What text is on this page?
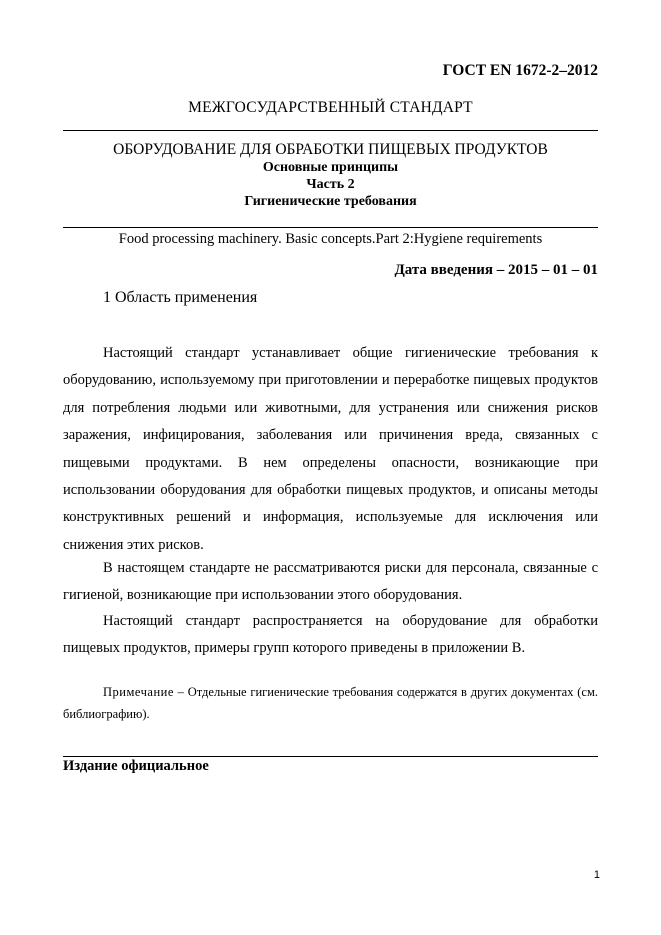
ГОСТ EN 1672-2–2012
МЕЖГОСУДАРСТВЕННЫЙ СТАНДАРТ
ОБОРУДОВАНИЕ ДЛЯ ОБРАБОТКИ ПИЩЕВЫХ ПРОДУКТОВ
Основные принципы
Часть 2
Гигиенические требования
Food processing machinery. Basic concepts.Part 2:Hygiene requirements
Дата введения – 2015 – 01 – 01
1 Область применения

Настоящий стандарт устанавливает общие гигиенические требования к оборудованию, используемому при приготовлении и переработке пищевых продуктов для потребления людьми или животными, для устранения или снижения рисков заражения, инфицирования, заболевания или причинения вреда, связанных с пищевыми продуктами. В нем определены опасности, возникающие при использовании оборудования для обработки пищевых продуктов, и описаны методы конструктивных решений и информация, используемые для исключения или снижения этих рисков.

В настоящем стандарте не рассматриваются риски для персонала, связанные с гигиеной, возникающие при использовании этого оборудования.

Настоящий стандарт распространяется на оборудование для обработки пищевых продуктов, примеры групп которого приведены в приложении В.

Примечание – Отдельные гигиенические требования содержатся в других документах (см. библиографию).

Издание официальное
1
